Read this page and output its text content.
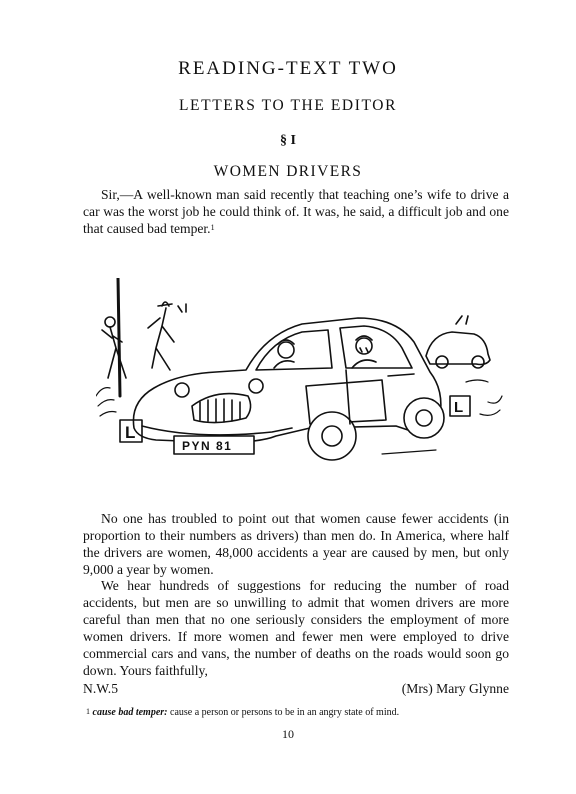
READING-TEXT TWO
LETTERS TO THE EDITOR
§ I
WOMEN DRIVERS

Sir,—A well-known man said recently that teaching one’s wife to drive a car was the worst job he could think of. It was, he said, a difficult job and one that caused bad temper.$^1$

L
PYN 81
L

No one has troubled to point out that women cause fewer accidents (in proportion to their numbers as drivers) than men do. In America, where half the drivers are women, 48,000 accidents a year are caused by men, but only 9,000 a year by women.

We hear hundreds of suggestions for reducing the number of road accidents, but men are so unwilling to admit that women drivers are more careful than men that no one seriously considers the employment of more women drivers. If more women and fewer men were employed to drive commercial cars and vans, the number of deaths on the roads would soon go down. Yours faithfully,

N.W.5	(Mrs) Mary Glynne
$^1$ cause bad temper: cause a person or persons to be in an angry state of mind.
10
